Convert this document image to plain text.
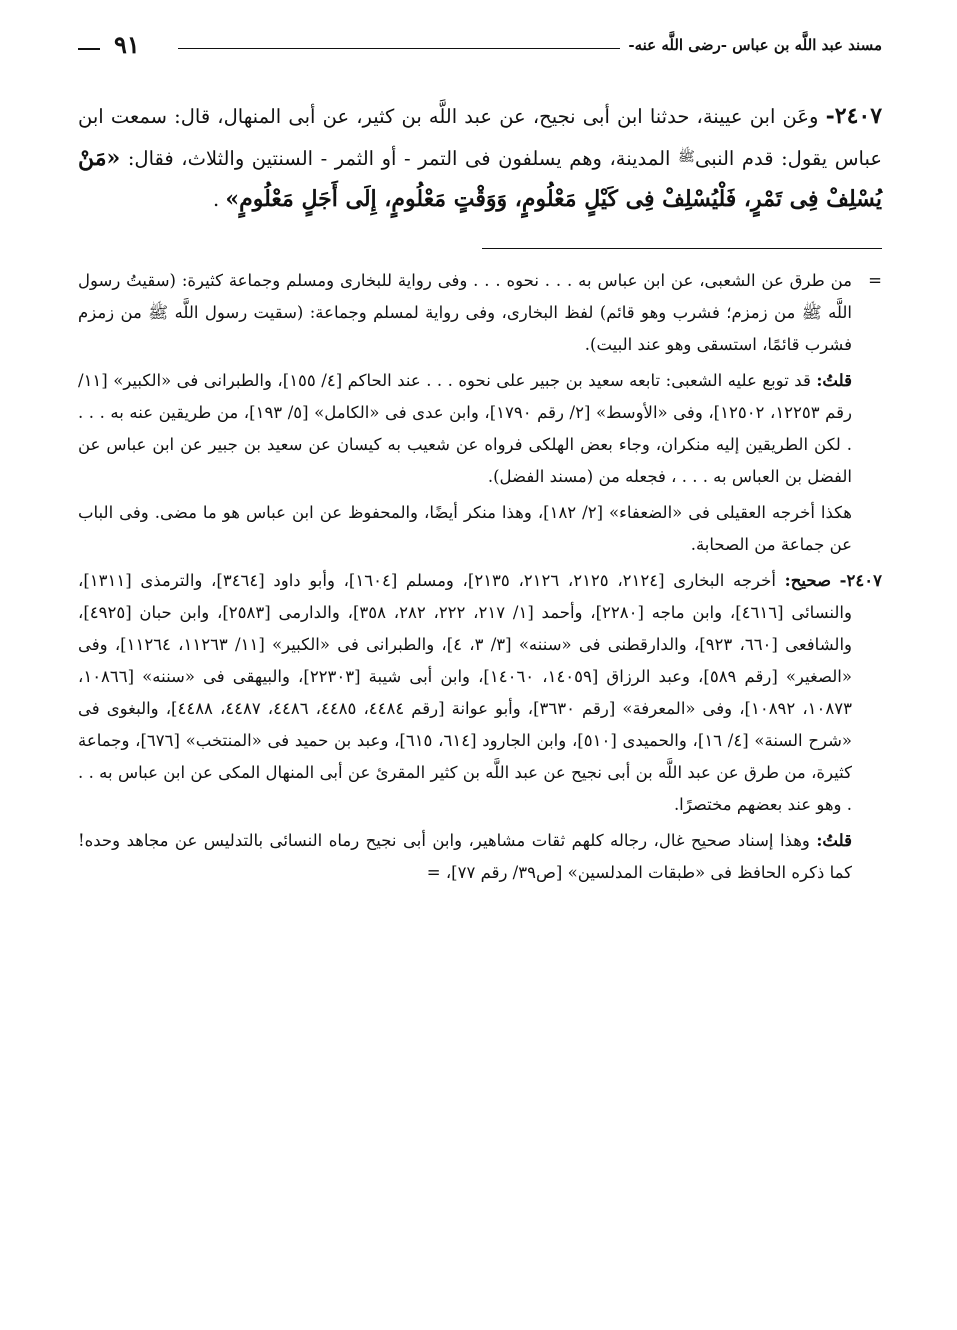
مسند عبد اللَّه بن عباس -رضى اللَّه عنه-
٩١

٢٤٠٧- وعَن ابن عيينة، حدثنا ابن أبى نجيح، عن عبد اللَّه بن كثير، عن أبى المنهال، قال: سمعت ابن عباس يقول: قدم النبى$^ﷺ$ المدينة، وهم يسلفون فى التمر - أو الثمر - السنتين والثلاث، فقال: «مَنْ يُسْلِفْ فِى تَمْرٍ، فَلْيُسْلِفْ فِى كَيْلٍ مَعْلُومٍ، وَوَقْتٍ مَعْلُومٍ، إِلَى أَجَلٍ مَعْلُومٍ» .

=من طرق عن الشعبى، عن ابن عباس به . . . نحوه . . . وفى رواية للبخارى ومسلم وجماعة كثيرة: (سقيتُ رسول اللَّه ﷺ من زمزم؛ فشرب وهو قائم) لفظ البخارى، وفى رواية لمسلم وجماعة: (سقيت رسول اللَّه ﷺ من زمزم فشرب قائمًا، استسقى وهو عند البيت).

قلتُ: قد توبع عليه الشعبى: تابعه سعيد بن جبير على نحوه . . . عند الحاكم [٤/ ١٥٥]، والطبرانى فى «الكبير» [١١/ رقم ١٢٢٥٣، ١٢٥٠٢]، وفى «الأوسط» [٢/ رقم ١٧٩٠]، وابن عدى فى «الكامل» [٥/ ١٩٣]، من طريقين عنه به . . . . لكن الطريقين إليه منكران، وجاء بعض الهلكى فرواه عن شعيب به كيسان عن سعيد بن جبير عن ابن عباس عن الفضل بن العباس به . . . ، فجعله من (مسند الفضل).

هكذا أخرجه العقيلى فى «الضعفاء» [٢/ ١٨٢]، وهذا منكر أيضًا، والمحفوظ عن ابن عباس هو ما مضى. وفى الباب عن جماعة من الصحابة.

٢٤٠٧- صحيح: أخرجه البخارى [٢١٢٤، ٢١٢٥، ٢١٢٦، ٢١٣٥]، ومسلم [١٦٠٤]، وأبو داود [٣٤٦٤]، والترمذى [١٣١١]، والنسائى [٤٦١٦]، وابن ماجه [٢٢٨٠]، وأحمد [١/ ٢١٧، ٢٢٢، ٢٨٢، ٣٥٨]، والدارمى [٢٥٨٣]، وابن حبان [٤٩٢٥]، والشافعى [٦٦٠، ٩٢٣]، والدارقطنى فى «سننه» [٣/ ٣، ٤]، والطبرانى فى «الكبير» [١١/ ١١٢٦٣، ١١٢٦٤]، وفى «الصغير» [رقم ٥٨٩]، وعبد الرزاق [١٤٠٥٩، ١٤٠٦٠]، وابن أبى شيبة [٢٢٣٠٣]، والبيهقى فى «سننه» [١٠٨٦٦، ١٠٨٧٣، ١٠٨٩٢]، وفى «المعرفة» [رقم ٣٦٣٠]، وأبو عوانة [رقم ٤٤٨٤، ٤٤٨٥، ٤٤٨٦، ٤٤٨٧، ٤٤٨٨]، والبغوى فى «شرح السنة» [٤/ ١٦]، والحميدى [٥١٠]، وابن الجارود [٦١٤، ٦١٥]، وعبد بن حميد فى «المنتخب» [٦٧٦]، وجماعة كثيرة، من طرق عن عبد اللَّه بن أبى نجيح عن عبد اللَّه بن كثير المقرئ عن أبى المنهال المكى عن ابن عباس به . . . وهو عند بعضهم مختصرًا.

قلتُ: وهذا إسناد صحيح غال، رجاله كلهم ثقات مشاهير، وابن أبى نجيح رماه النسائى بالتدليس عن مجاهد وحده! كما ذكره الحافظ فى «طبقات المدلسين» [ص٣٩/ رقم ٧٧]، =
